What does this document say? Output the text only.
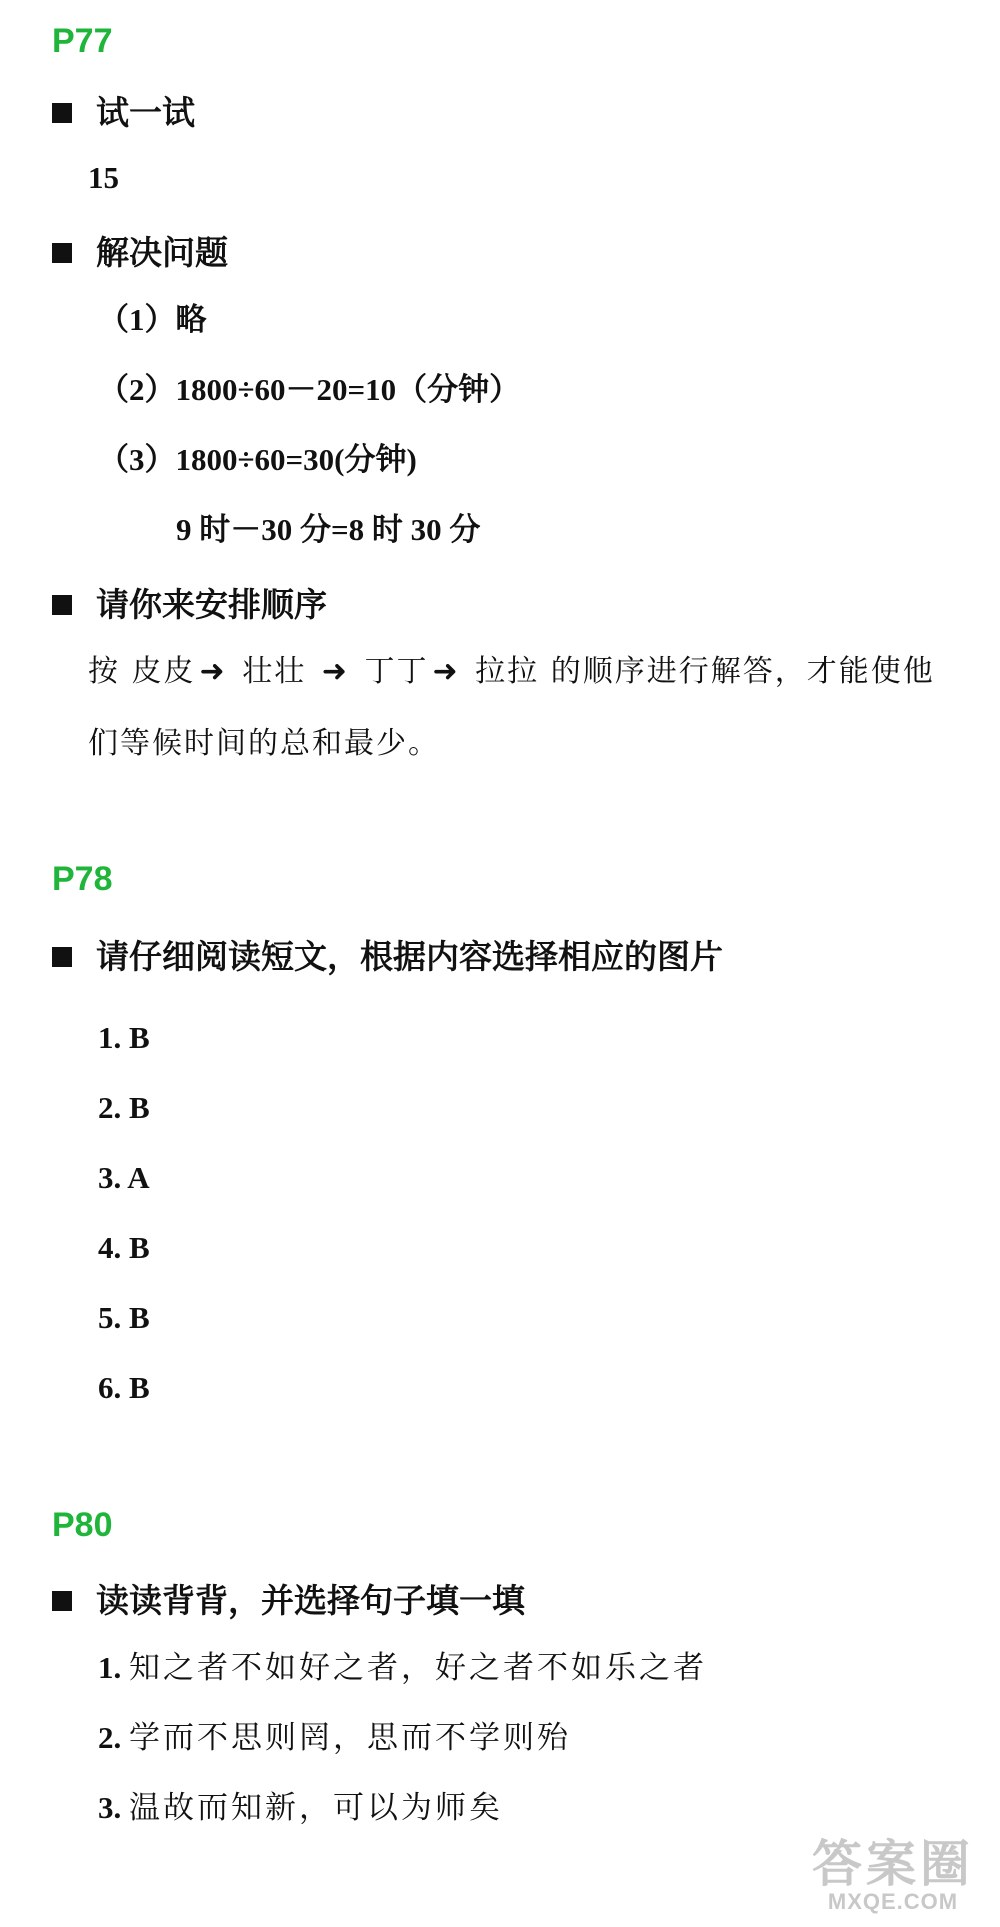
P77
试一试
15
解决问题
（1）略
（2）1800÷60－20=10（分钟）
（3）1800÷60=30(分钟)
9 时－30 分=8 时 30 分
请你来安排顺序
按 皮皮 ➜ 壮壮 ➜ 丁丁 ➜ 拉拉 的顺序进行解答，才能使他们等候时间的总和最少。
P78
请仔细阅读短文，根据内容选择相应的图片
1. B
2. B
3. A
4. B
5. B
6. B
P80
读读背背，并选择句子填一填
1. 知之者不如好之者，好之者不如乐之者
2. 学而不思则罔，思而不学则殆
3. 温故而知新，可以为师矣
答案圈
MXQE.COM
